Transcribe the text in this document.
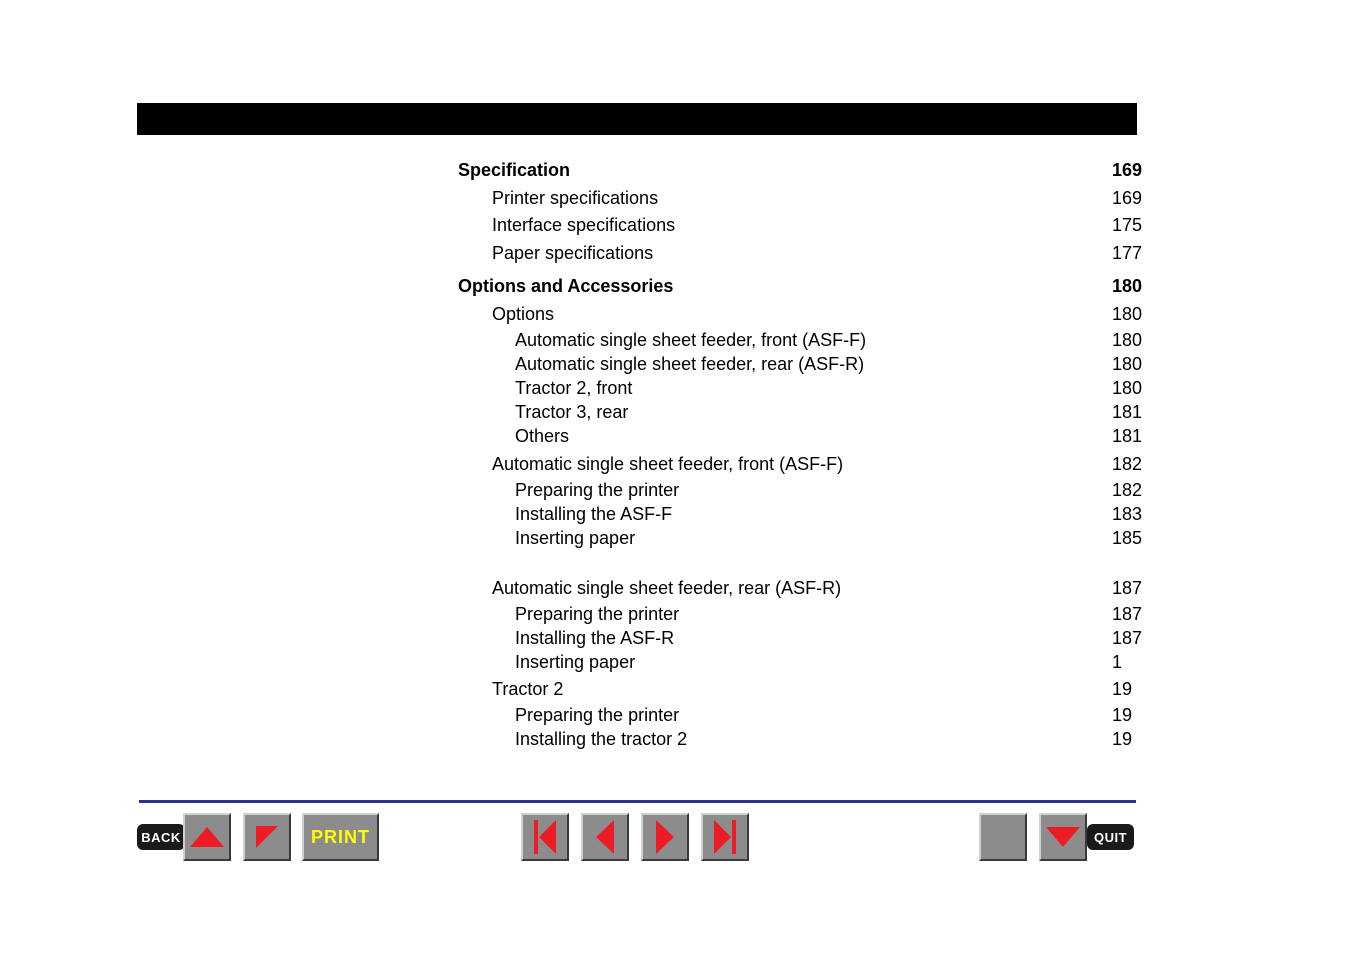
Specification	169
Printer specifications	169
Interface specifications	175
Paper specifications	177
Options and Accessories	180
Options	180
Automatic single sheet feeder, front (ASF-F)	180
Automatic single sheet feeder, rear (ASF-R)	180
Tractor 2, front	180
Tractor 3, rear	181
Others	181
Automatic single sheet feeder, front (ASF-F)	182
Preparing the printer	182
Installing the ASF-F	183
Inserting paper	185
Automatic single sheet feeder, rear (ASF-R)	187
Preparing the printer	187
Installing the ASF-R	187
Inserting paper	1
Tractor 2	19
Preparing the printer	19
Installing the tractor 2	19
BACK	PRINT	QUIT
